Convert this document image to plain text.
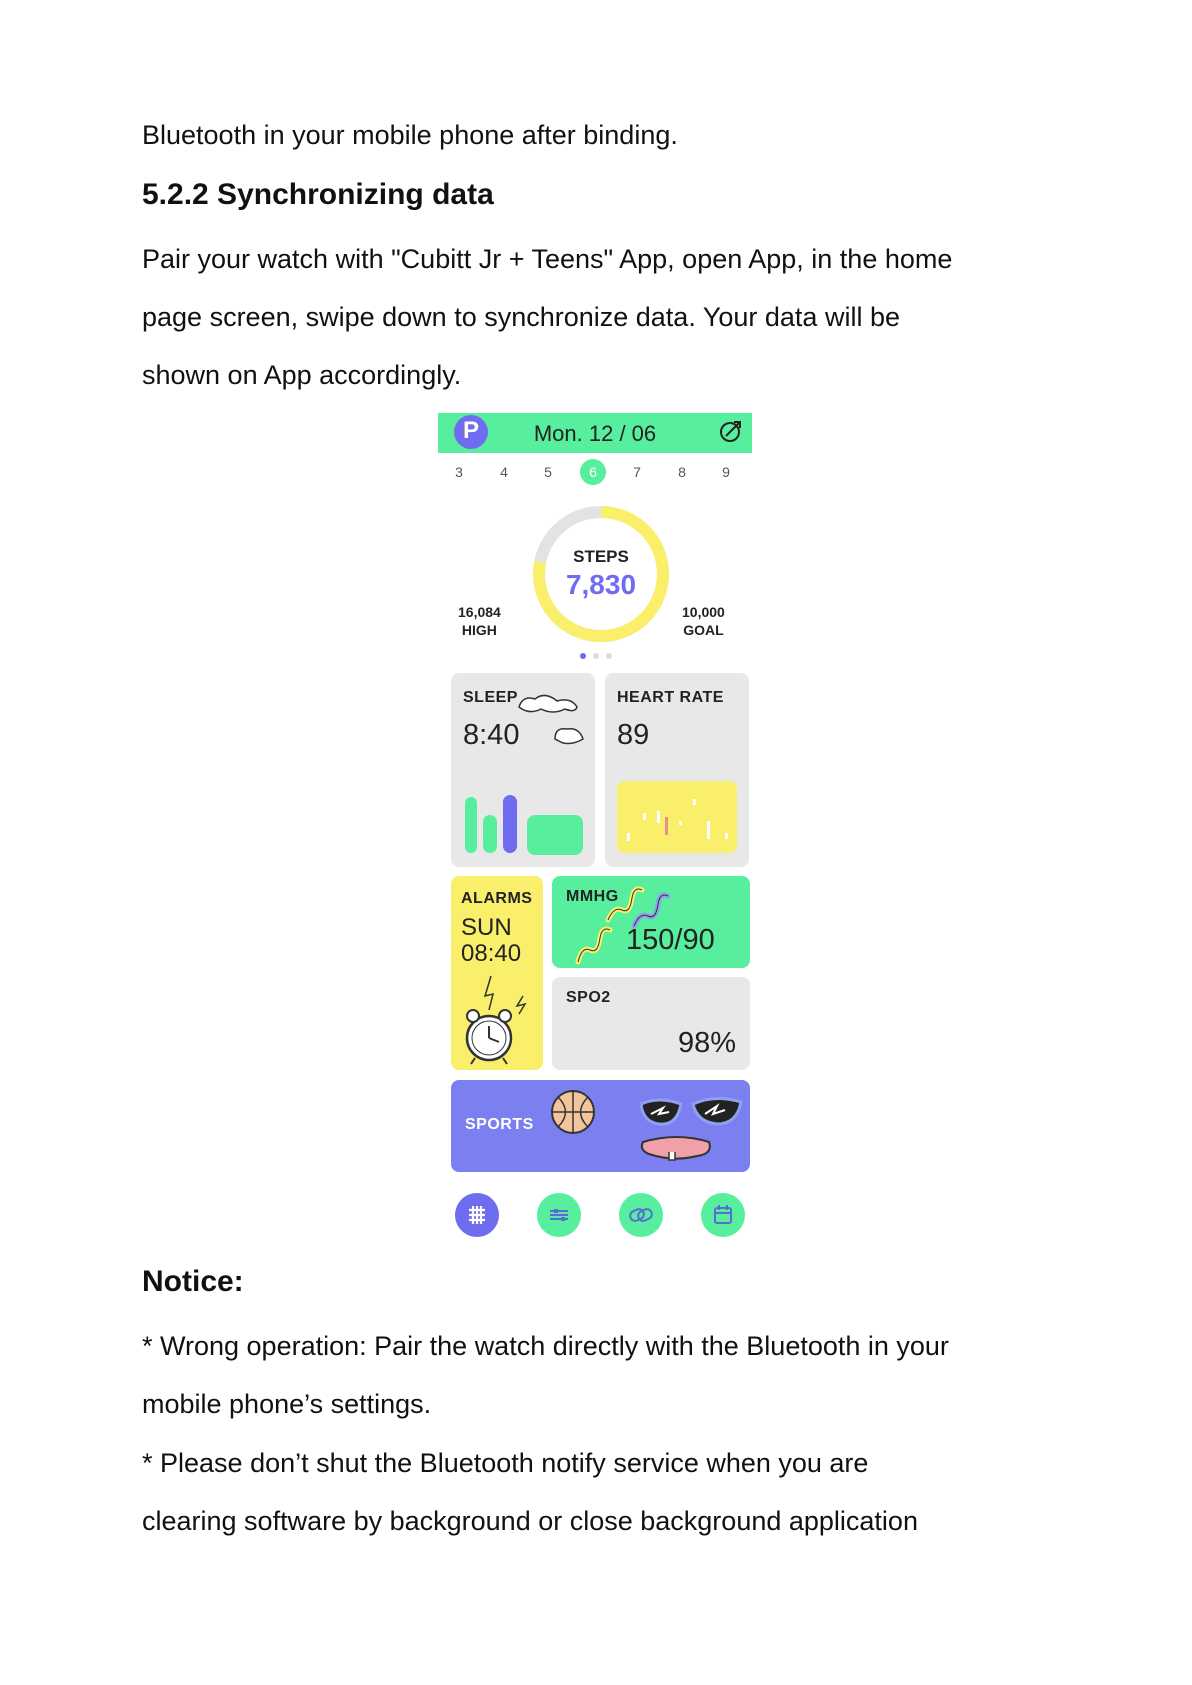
Bluetooth in your mobile phone after binding.
5.2.2 Synchronizing data
Pair your watch with "Cubitt Jr + Teens" App, open App, in the home
page screen, swipe down to synchronize data. Your data will be
shown on App accordingly.
P	Mon. 12 / 06
3	4	5	6	7	8	9
STEPS
7,830
16,084
HIGH
10,000
GOAL
SLEEP
8:40
HEART RATE
89
ALARMS
SUN
08:40
MMHG
150/90
SPO2
98%
SPORTS
Notice:
* Wrong operation: Pair the watch directly with the Bluetooth in your
mobile phone’s settings.
* Please don’t shut the Bluetooth notify service when you are
clearing software by background or close background application
